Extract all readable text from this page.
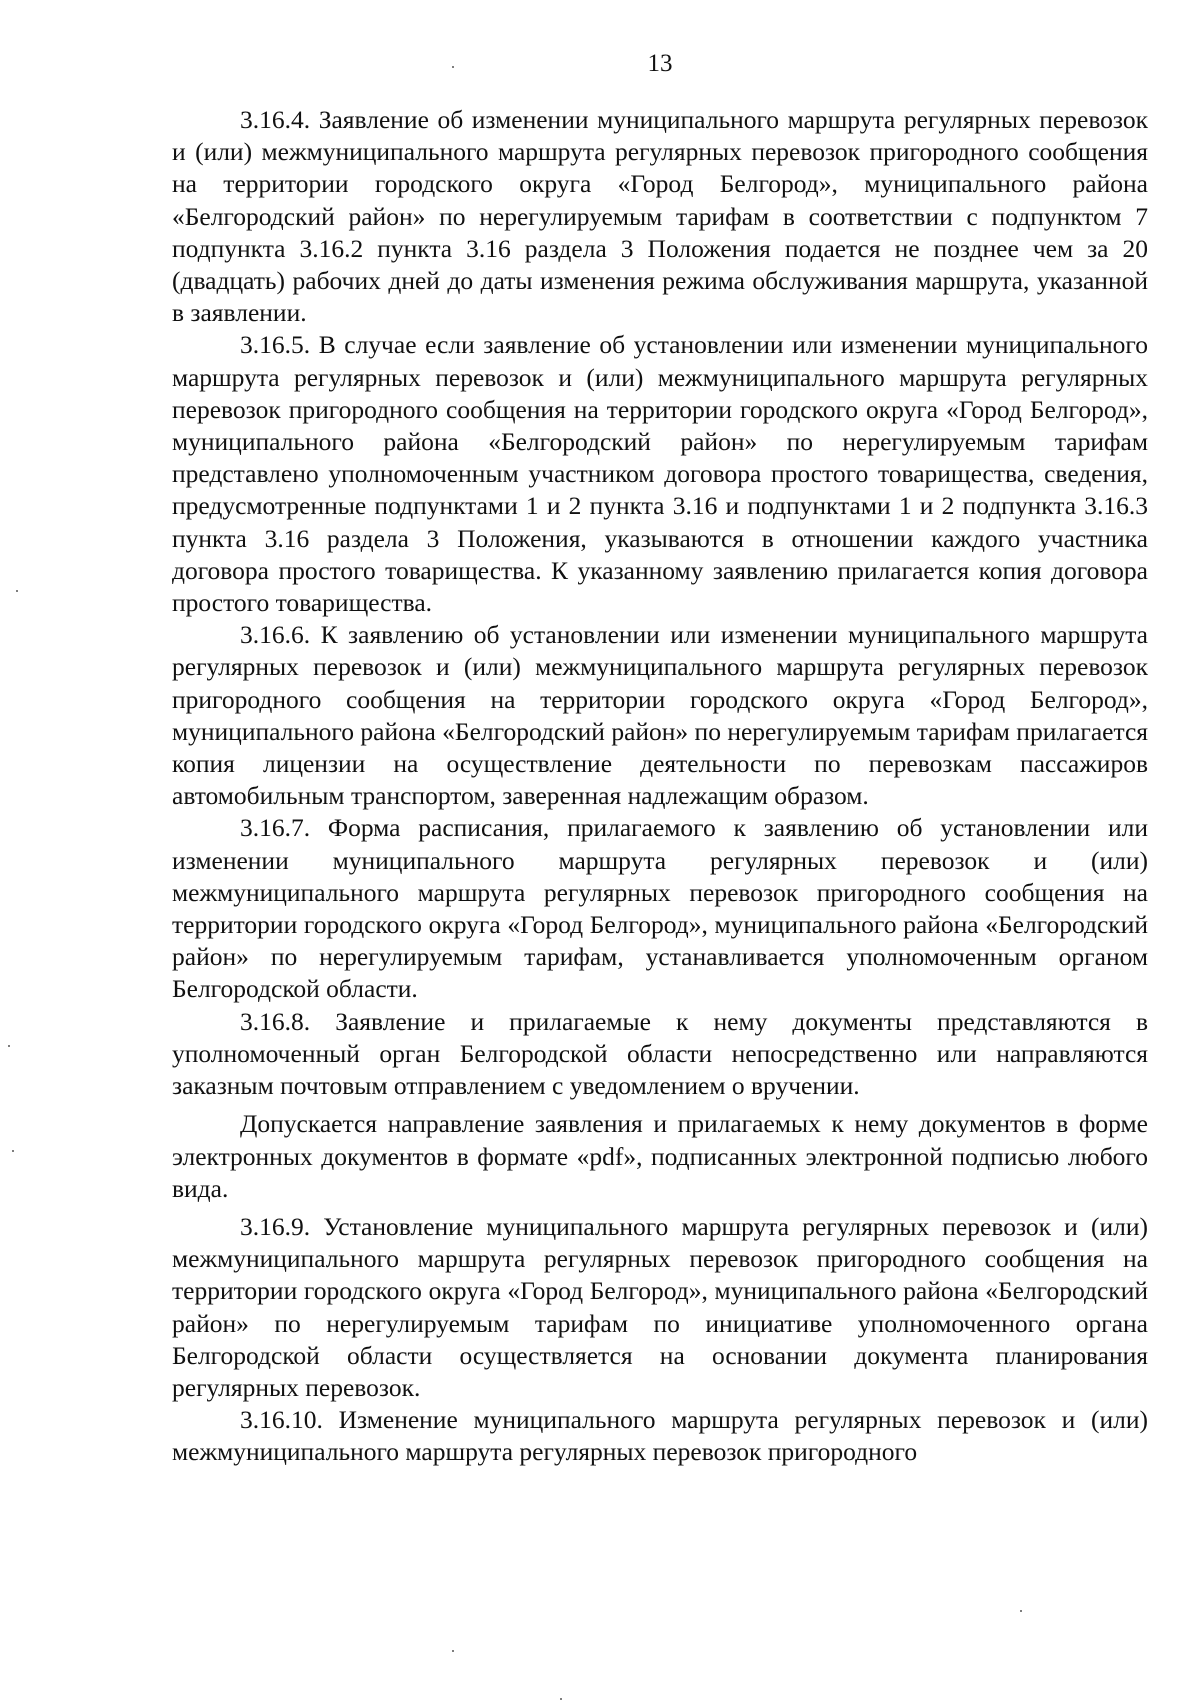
13

3.16.4. Заявление об изменении муниципального маршрута регулярных перевозок и (или) межмуниципального маршрута регулярных перевозок пригородного сообщения на территории городского округа «Город Белгород», муниципального района «Белгородский район» по нерегулируемым тарифам в соответствии с подпунктом 7 подпункта 3.16.2 пункта 3.16 раздела 3 Положения подается не позднее чем за 20 (двадцать) рабочих дней до даты изменения режима обслуживания маршрута, указанной в заявлении.

3.16.5. В случае если заявление об установлении или изменении муниципального маршрута регулярных перевозок и (или) межмуниципального маршрута регулярных перевозок пригородного сообщения на территории городского округа «Город Белгород», муниципального района «Белгородский район» по нерегулируемым тарифам представлено уполномоченным участником договора простого товарищества, сведения, предусмотренные подпунктами 1 и 2 пункта 3.16 и подпунктами 1 и 2 подпункта 3.16.3 пункта 3.16 раздела 3 Положения, указываются в отношении каждого участника договора простого товарищества. К указанному заявлению прилагается копия договора простого товарищества.

3.16.6. К заявлению об установлении или изменении муниципального маршрута регулярных перевозок и (или) межмуниципального маршрута регулярных перевозок пригородного сообщения на территории городского округа «Город Белгород», муниципального района «Белгородский район» по нерегулируемым тарифам прилагается копия лицензии на осуществление деятельности по перевозкам пассажиров автомобильным транспортом, заверенная надлежащим образом.

3.16.7. Форма расписания, прилагаемого к заявлению об установлении или изменении муниципального маршрута регулярных перевозок и (или) межмуниципального маршрута регулярных перевозок пригородного сообщения на территории городского округа «Город Белгород», муниципального района «Белгородский район» по нерегулируемым тарифам, устанавливается уполномоченным органом Белгородской области.

3.16.8. Заявление и прилагаемые к нему документы представляются в уполномоченный орган Белгородской области непосредственно или направляются заказным почтовым отправлением с уведомлением о вручении.

Допускается направление заявления и прилагаемых к нему документов в форме электронных документов в формате «pdf», подписанных электронной подписью любого вида.

3.16.9. Установление муниципального маршрута регулярных перевозок и (или) межмуниципального маршрута регулярных перевозок пригородного сообщения на территории городского округа «Город Белгород», муниципального района «Белгородский район» по нерегулируемым тарифам по инициативе уполномоченного органа Белгородской области осуществляется на основании документа планирования регулярных перевозок.

3.16.10. Изменение муниципального маршрута регулярных перевозок и (или) межмуниципального маршрута регулярных перевозок пригородного
